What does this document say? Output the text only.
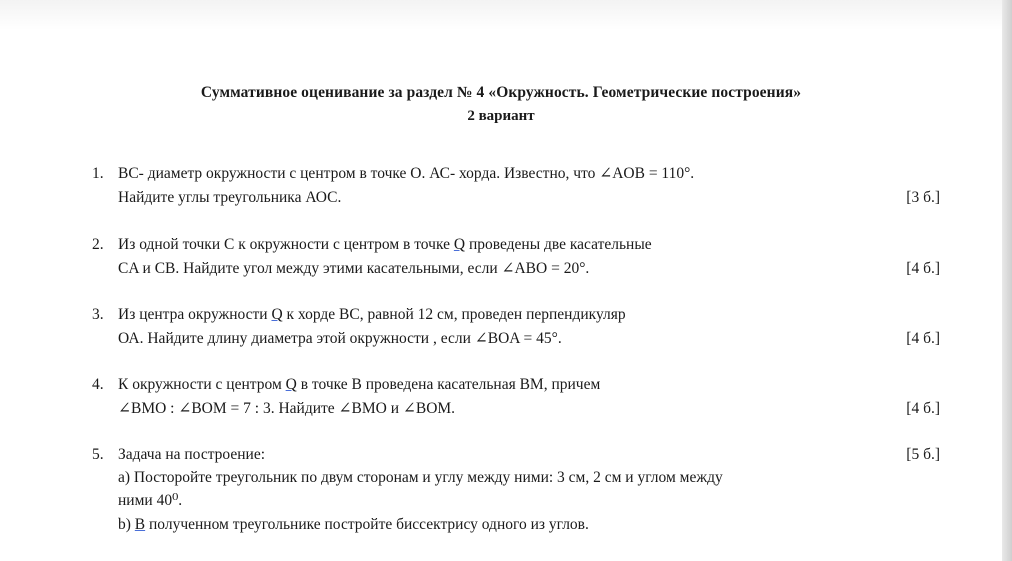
Суммативное оценивание за раздел № 4 «Окружность. Геометрические построения»
2 вариант
1. ВС- диаметр окружности с центром в точке О. АС- хорда. Известно, что ∠AOB = 110°.
Найдите углы треугольника АОС.	[3 б.]
2. Из одной точки С к окружности с центром в точке Q проведены две касательные
CA и СВ. Найдите угол между этими касательными, если ∠ABO = 20°.	[4 б.]
3. Из центра окружности Q к хорде ВС, равной 12 см, проведен перпендикуляр
ОА. Найдите длину диаметра этой окружности , если ∠BOA = 45°.	[4 б.]
4. К окружности с центром Q в точке В проведена касательная ВМ, причем
∠BMO : ∠BOM = 7 : 3. Найдите ∠BMO и ∠BOM.	[4 б.]
5. Задача на построение:	[5 б.]
a) Посторойте треугольник по двум сторонам и углу между ними: 3 см, 2 см и углом между
ними 40⁰.
b) В полученном треугольнике постройте биссектрису одного из углов.
